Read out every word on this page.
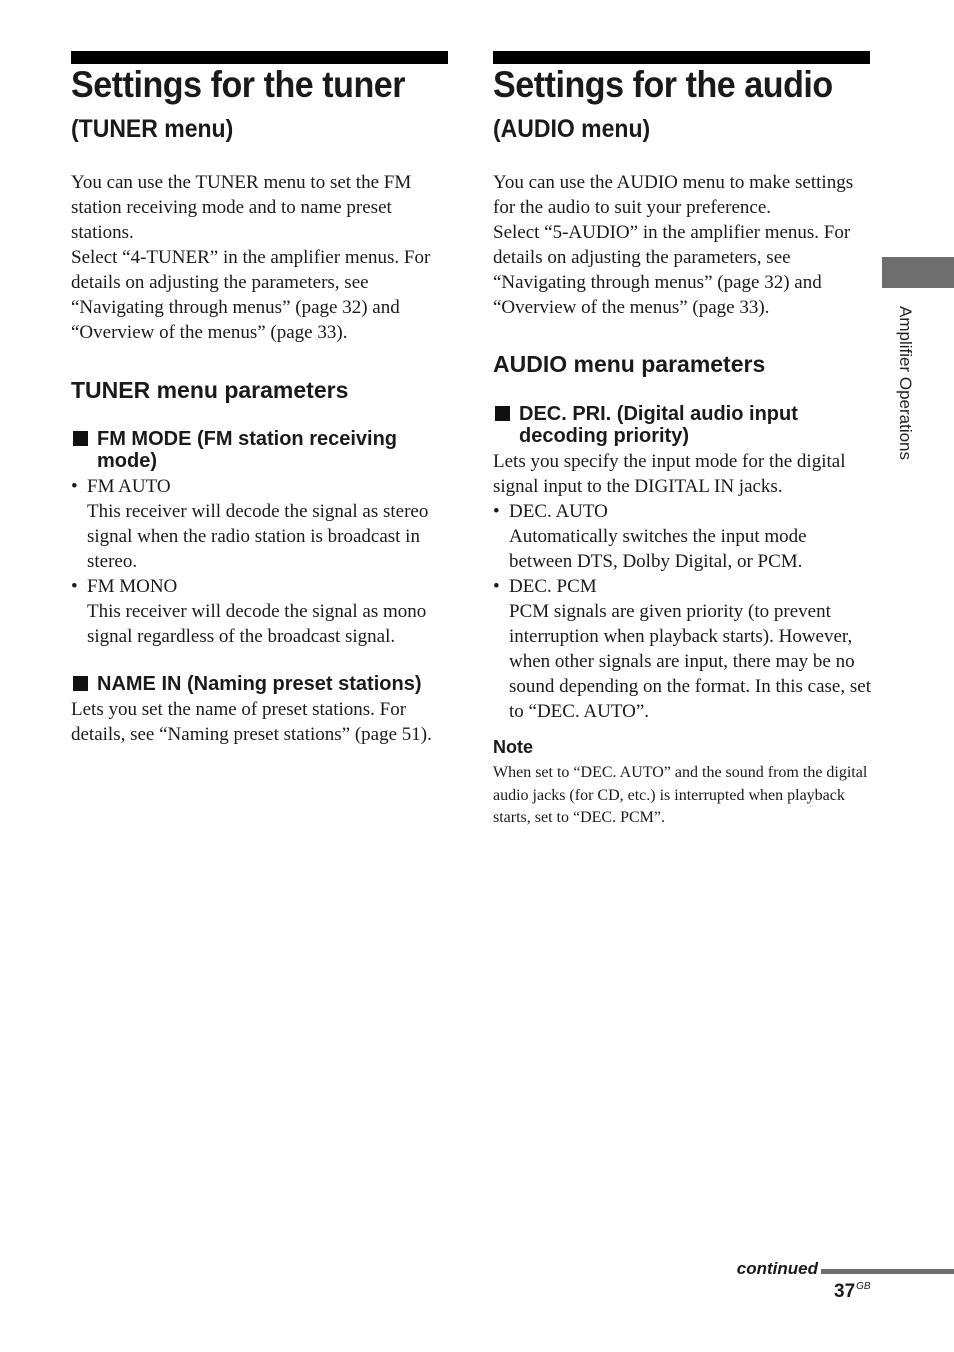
Settings for the tuner
(TUNER menu)

You can use the TUNER menu to set the FM station receiving mode and to name preset stations.

Select “4-TUNER” in the amplifier menus. For details on adjusting the parameters, see “Navigating through menus” (page 32) and “Overview of the menus” (page 33).

TUNER menu parameters
FM MODE (FM station receiving mode)
• FM AUTO

This receiver will decode the signal as stereo signal when the radio station is broadcast in stereo.

• FM MONO

This receiver will decode the signal as mono signal regardless of the broadcast signal.

NAME IN (Naming preset stations)

Lets you set the name of preset stations. For details, see “Naming preset stations” (page 51).

Settings for the audio
(AUDIO menu)

You can use the AUDIO menu to make settings for the audio to suit your preference.

Select “5-AUDIO” in the amplifier menus. For details on adjusting the parameters, see “Navigating through menus” (page 32) and “Overview of the menus” (page 33).

AUDIO menu parameters
DEC. PRI. (Digital audio input decoding priority)

Lets you specify the input mode for the digital signal input to the DIGITAL IN jacks.

• DEC. AUTO

Automatically switches the input mode between DTS, Dolby Digital, or PCM.

• DEC. PCM

PCM signals are given priority (to prevent interruption when playback starts). However, when other signals are input, there may be no sound depending on the format. In this case, set to “DEC. AUTO”.

Note

When set to “DEC. AUTO” and the sound from the digital audio jacks (for CD, etc.) is interrupted when playback starts, set to “DEC. PCM”.

Amplifier Operations

continued

$37^{GB}$
